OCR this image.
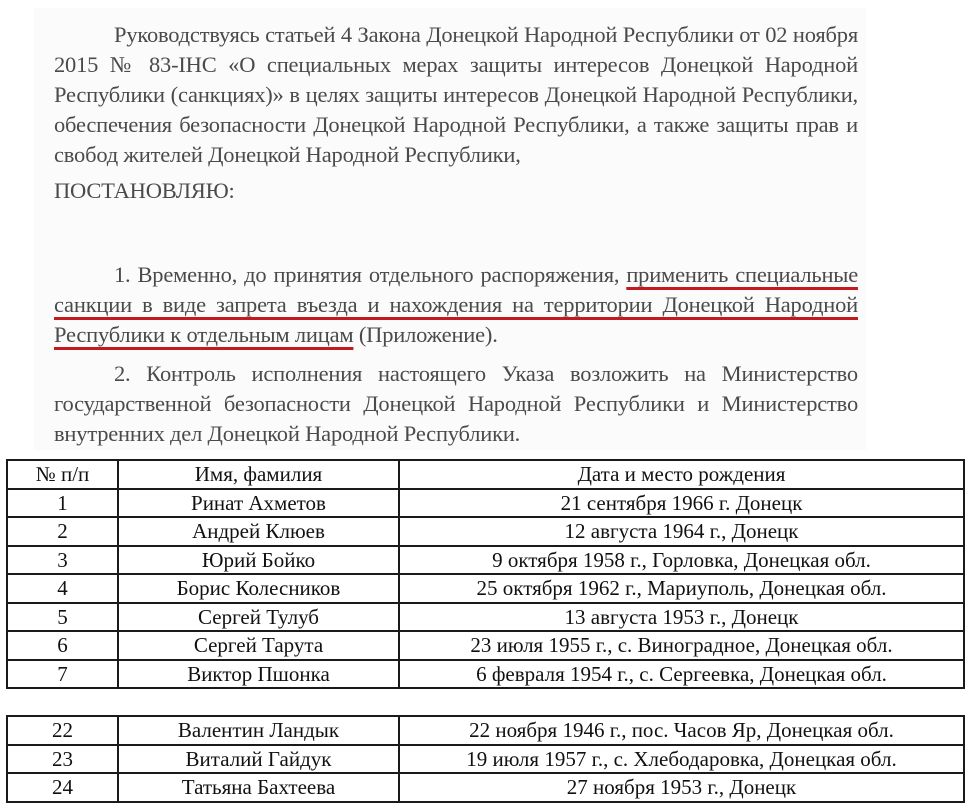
Руководствуясь статьей 4 Закона Донецкой Народной Республики от 02 ноября 2015 № 83-IНС «О специальных мерах защиты интересов Донецкой Народной Республики (санкциях)» в целях защиты интересов Донецкой Народной Республики, обеспечения безопасности Донецкой Народной Республики, а также защиты прав и свобод жителей Донецкой Народной Республики,

ПОСТАНОВЛЯЮ:

1. Временно, до принятия отдельного распоряжения, применить специальные санкции в виде запрета въезда и нахождения на территории Донецкой Народной Республики к отдельным лицам (Приложение).

2. Контроль исполнения настоящего Указа возложить на Министерство государственной безопасности Донецкой Народной Республики и Министерство внутренних дел Донецкой Народной Республики.

№ п/п	Имя, фамилия	Дата и место рождения
1	Ринат Ахметов	21 сентября 1966 г. Донецк
2	Андрей Клюев	12 августа 1964 г., Донецк
3	Юрий Бойко	9 октября 1958 г., Горловка, Донецкая обл.
4	Борис Колесников	25 октября 1962 г., Мариуполь, Донецкая обл.
5	Сергей Тулуб	13 августа 1953 г., Донецк
6	Сергей Тарута	23 июля 1955 г., с. Виноградное, Донецкая обл.
7	Виктор Пшонка	6 февраля 1954 г., с. Сергеевка, Донецкая обл.
22	Валентин Ландык	22 ноября 1946 г., пос. Часов Яр, Донецкая обл.
23	Виталий Гайдук	19 июля 1957 г., с. Хлебодаровка, Донецкая обл.
24	Татьяна Бахтеева	27 ноября 1953 г., Донецк
